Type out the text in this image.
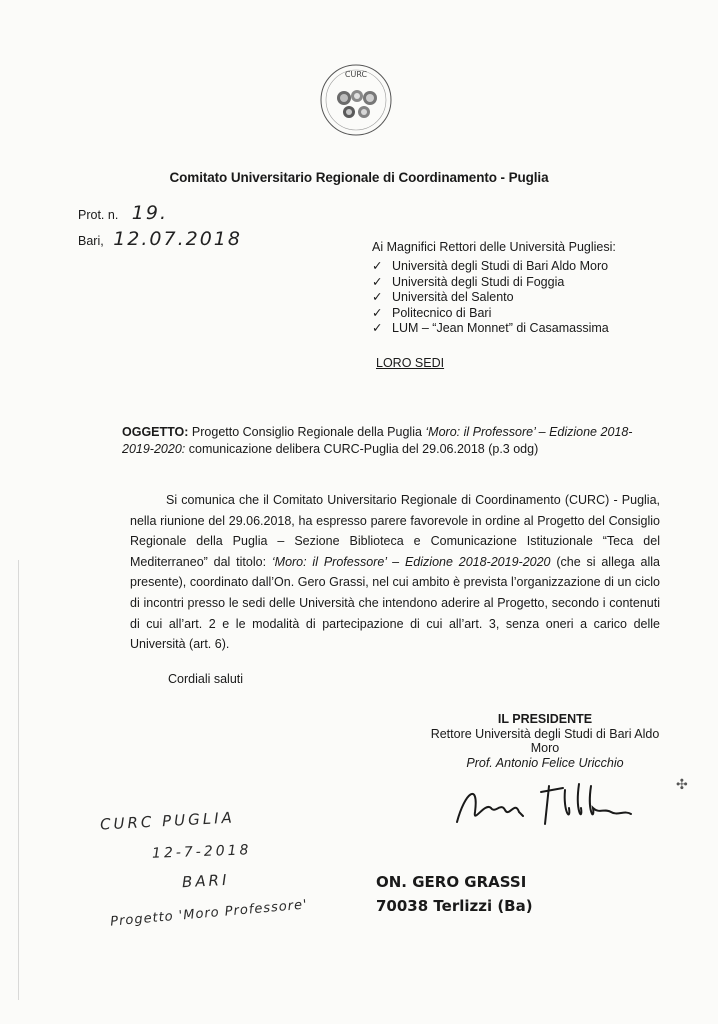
CURC
Comitato Universitario Regionale di Coordinamento - Puglia
Prot. n. 19.
Bari, 12.07.2018	Ai Magnifici Rettori delle Università Pugliesi:
✓ Università degli Studi di Bari Aldo Moro
✓ Università degli Studi di Foggia
✓ Università del Salento
✓ Politecnico di Bari
✓ LUM – “Jean Monnet” di Casamassima
LORO SEDI
OGGETTO: Progetto Consiglio Regionale della Puglia ‘Moro: il Professore’ – Edizione 2018-2019-2020: comunicazione delibera CURC-Puglia del 29.06.2018 (p.3 odg)
Si comunica che il Comitato Universitario Regionale di Coordinamento (CURC) - Puglia, nella riunione del 29.06.2018, ha espresso parere favorevole in ordine al Progetto del Consiglio Regionale della Puglia – Sezione Biblioteca e Comunicazione Istituzionale “Teca del Mediterraneo” dal titolo: ‘Moro: il Professore’ – Edizione 2018-2019-2020 (che si allega alla presente), coordinato dall’On. Gero Grassi, nel cui ambito è prevista l’organizzazione di un ciclo di incontri presso le sedi delle Università che intendono aderire al Progetto, secondo i contenuti di cui all’art. 2 e le modalità di partecipazione di cui all’art. 3, senza oneri a carico delle Università (art. 6).
Cordiali saluti
IL PRESIDENTE
Rettore Università degli Studi di Bari Aldo
Moro
Prof. Antonio Felice Uricchio
✣
CURC PUGLIA
12-7-2018
BARI
Progetto 'Moro Professore'
ON. GERO GRASSI
70038 Terlizzi (Ba)
